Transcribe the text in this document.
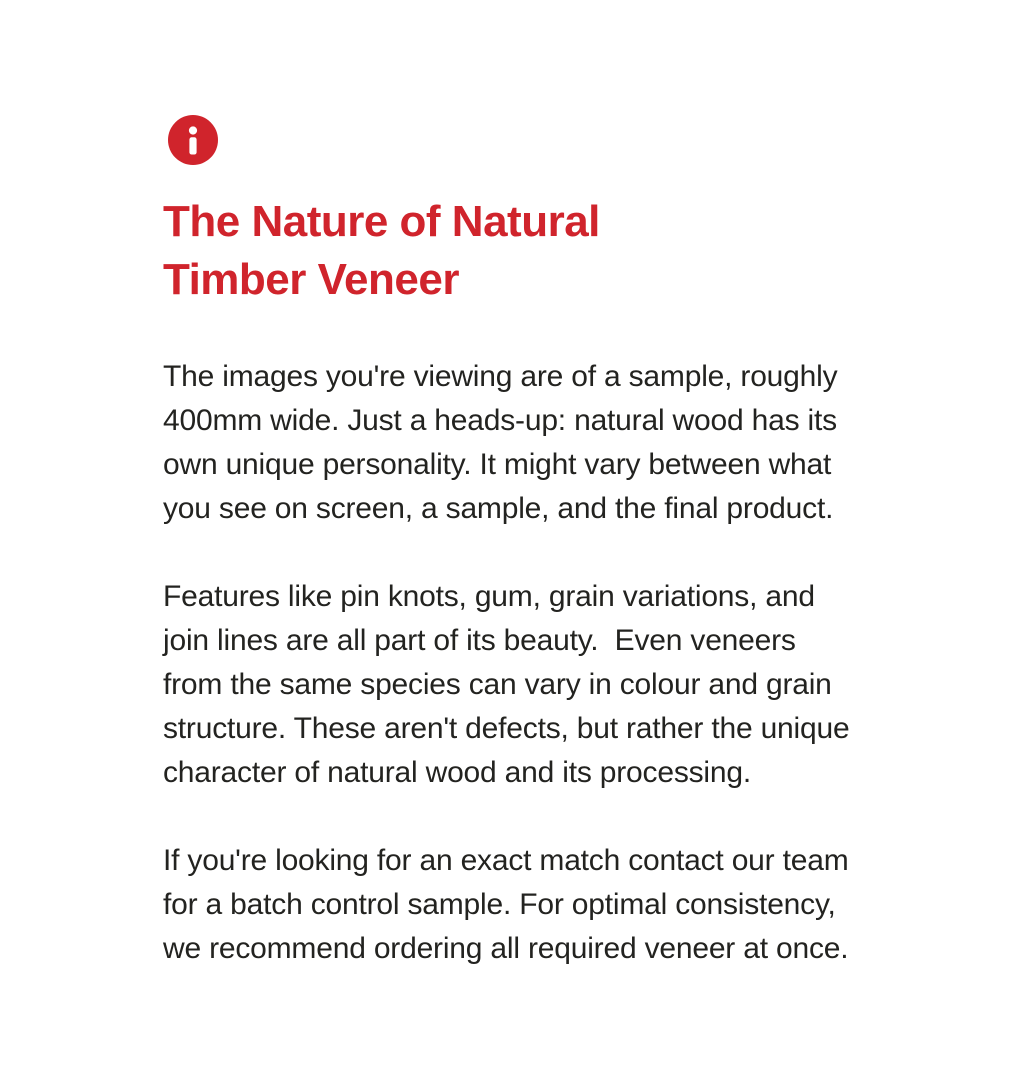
The Nature of Natural Timber Veneer

The images you're viewing are of a sample, roughly 400mm wide. Just a heads-up: natural wood has its own unique personality. It might vary between what you see on screen, a sample, and the final product.

Features like pin knots, gum, grain variations, and join lines are all part of its beauty.  Even veneers from the same species can vary in colour and grain structure. These aren't defects, but rather the unique character of natural wood and its processing.

If you're looking for an exact match contact our team for a batch control sample. For optimal consistency, we recommend ordering all required veneer at once.
